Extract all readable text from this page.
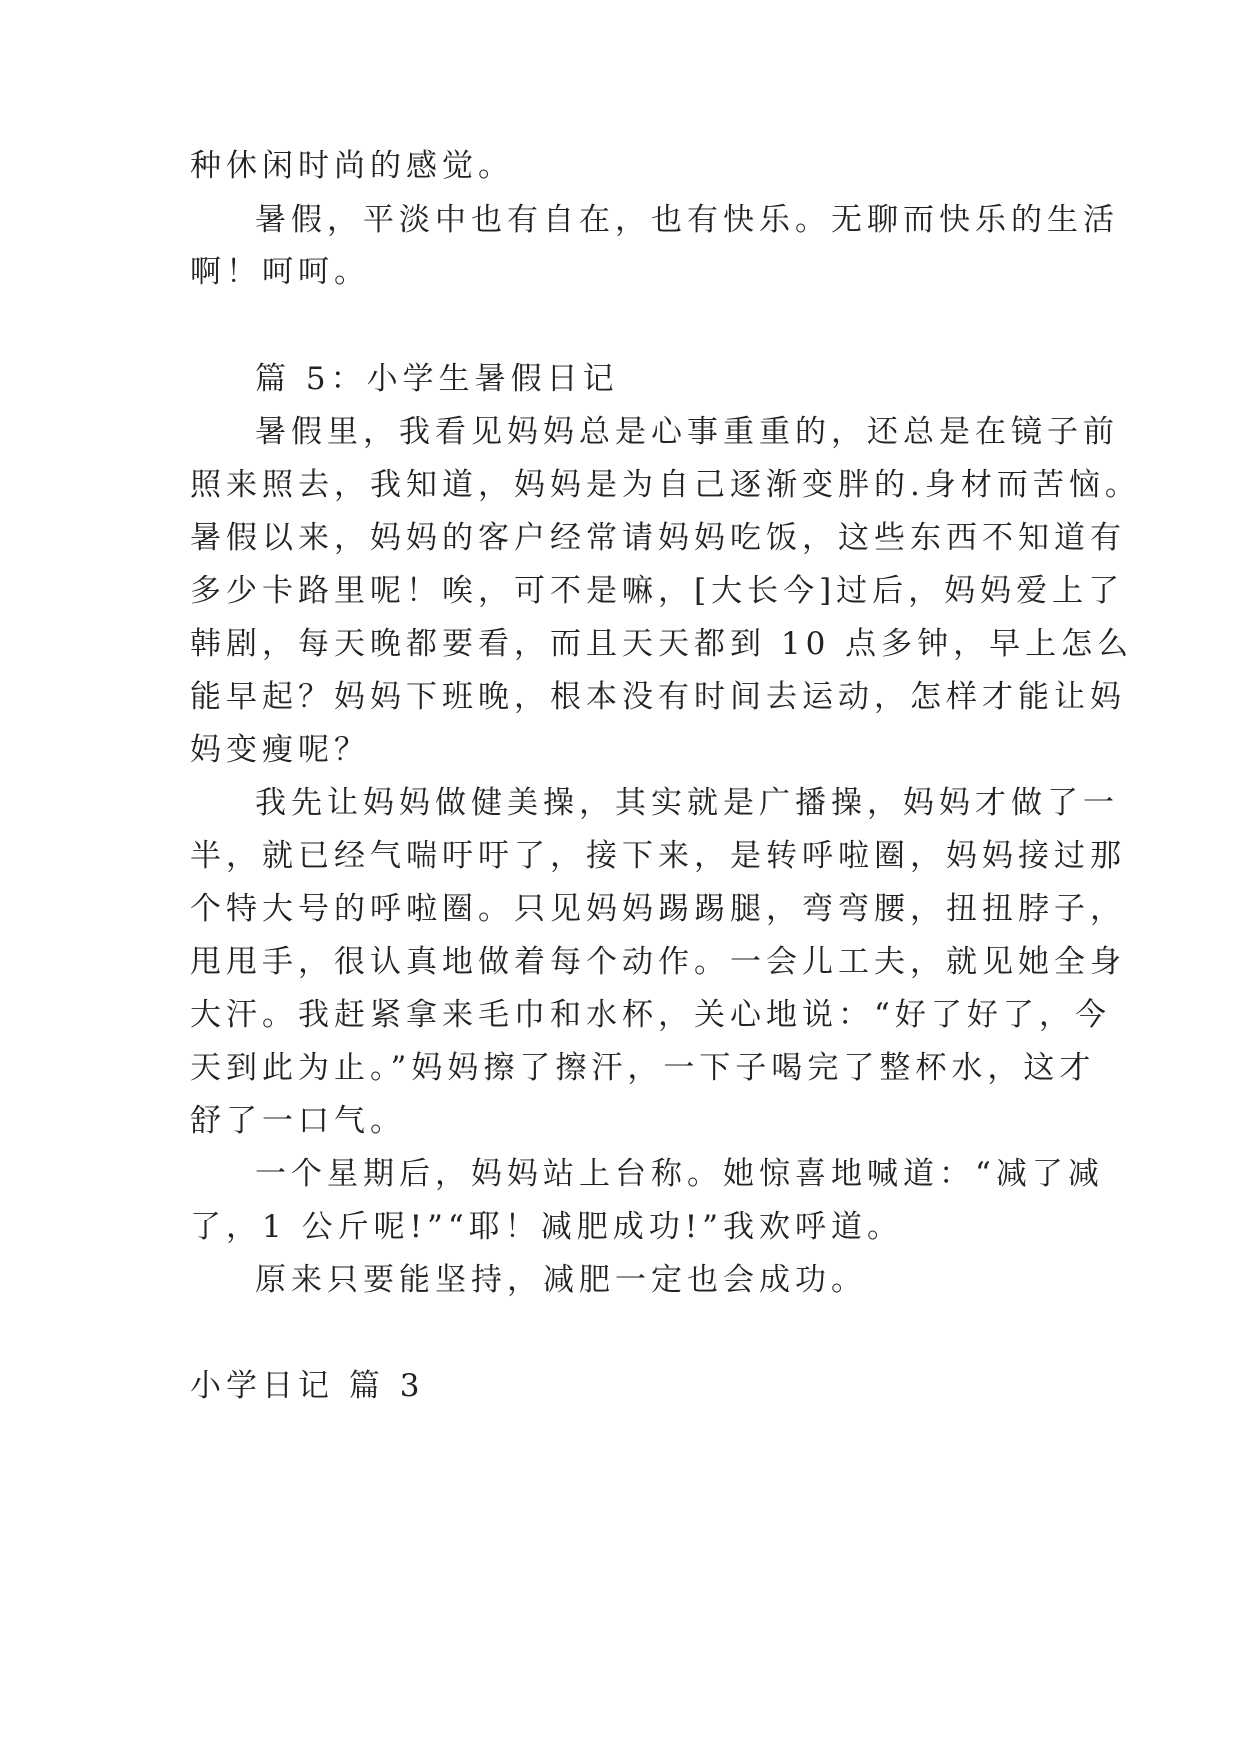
种休闲时尚的感觉。
暑假，平淡中也有自在，也有快乐。无聊而快乐的生活
啊！呵呵。
篇 5：小学生暑假日记
暑假里，我看见妈妈总是心事重重的，还总是在镜子前
照来照去，我知道，妈妈是为自己逐渐变胖的.身材而苦恼。
暑假以来，妈妈的客户经常请妈妈吃饭，这些东西不知道有
多少卡路里呢！唉，可不是嘛，[大长今]过后，妈妈爱上了
韩剧，每天晚都要看，而且天天都到 10 点多钟，早上怎么
能早起？妈妈下班晚，根本没有时间去运动，怎样才能让妈
妈变瘦呢？
我先让妈妈做健美操，其实就是广播操，妈妈才做了一
半，就已经气喘吁吁了，接下来，是转呼啦圈，妈妈接过那
个特大号的呼啦圈。只见妈妈踢踢腿，弯弯腰，扭扭脖子，
甩甩手，很认真地做着每个动作。一会儿工夫，就见她全身
大汗。我赶紧拿来毛巾和水杯，关心地说：“好了好了，今
天到此为止。”妈妈擦了擦汗，一下子喝完了整杯水，这才
舒了一口气。
一个星期后，妈妈站上台称。她惊喜地喊道：“减了减
了，1 公斤呢!”“耶！减肥成功!”我欢呼道。
原来只要能坚持，减肥一定也会成功。
小学日记 篇 3
